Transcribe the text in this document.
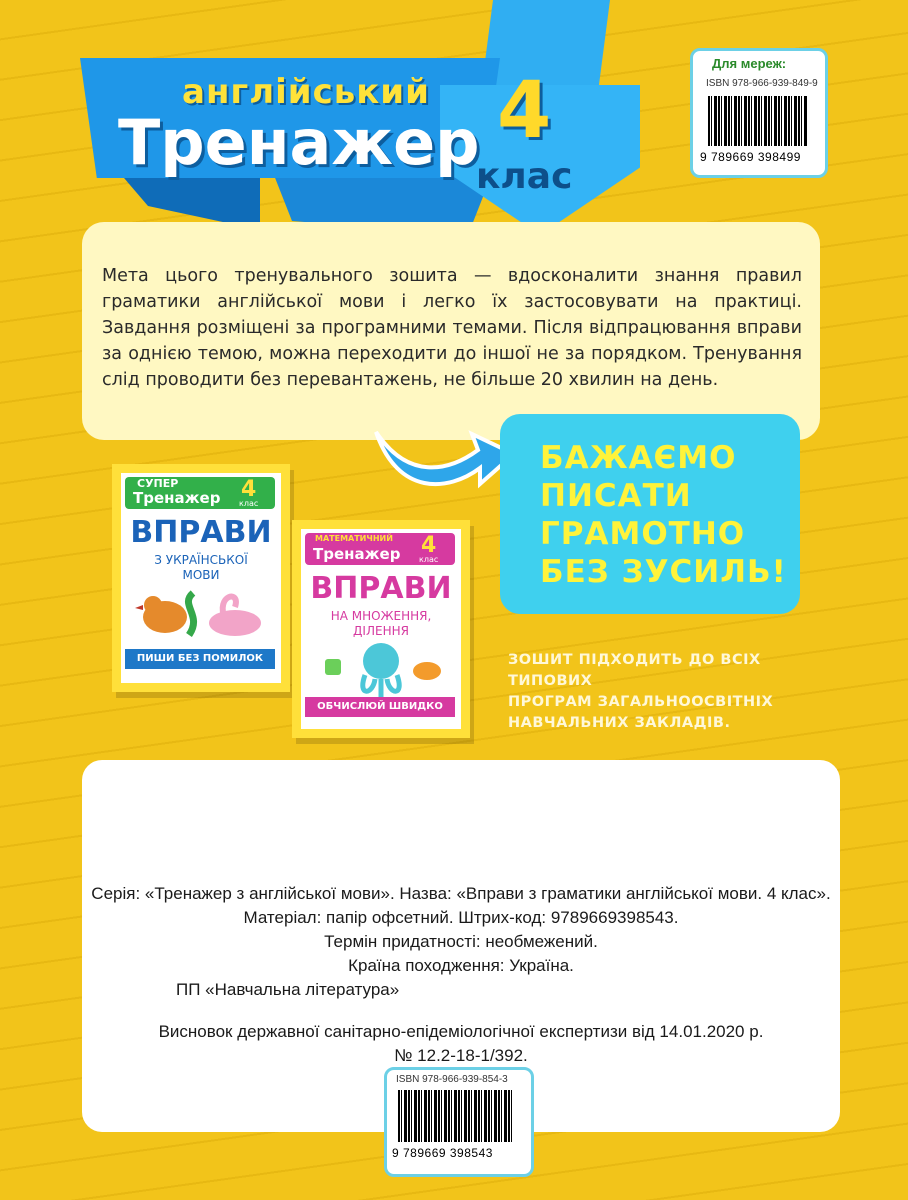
англійський
Тренажер 4
клас
Для мереж:
ISBN 978-966-939-849-9
9 789669 398499
Мета цього тренувального зошита — вдосконалити знання правил граматики англійської мови і легко їх застосовувати на практиці. Завдання розміщені за програмними темами. Після відпрацювання вправи за однією темою, можна переходити до іншої не за порядком. Тренування слід проводити без перевантажень, не більше 20 хвилин на день.
БАЖАЄМО
ПИСАТИ
ГРАМОТНО
БЕЗ ЗУСИЛЬ!
ЗОШИТ ПІДХОДИТЬ ДО ВСІХ ТИПОВИХ
ПРОГРАМ ЗАГАЛЬНООСВІТНІХ
НАВЧАЛЬНИХ ЗАКЛАДІВ.
СУПЕР
Тренажер 4
клас
ВПРАВИ
З УКРАЇНСЬКОЇ
МОВИ
ПИШИ БЕЗ ПОМИЛОК
МАТЕМАТИЧНИЙ
Тренажер 4
клас
ВПРАВИ
НА МНОЖЕННЯ,
ДІЛЕННЯ
ОБЧИСЛЮЙ ШВИДКО
Серія: «Тренажер з англійської мови». Назва: «Вправи з граматики англійської мови. 4 клас».
Матеріал: папір офсетний. Штрих-код: 9789669398543.
Термін придатності: необмежений.
Країна походження: Україна.
ПП «Навчальна література»
Висновок державної санітарно-епідеміологічної експертизи від 14.01.2020 р.
№ 12.2-18-1/392.
ISBN 978-966-939-854-3
9 789669 398543
